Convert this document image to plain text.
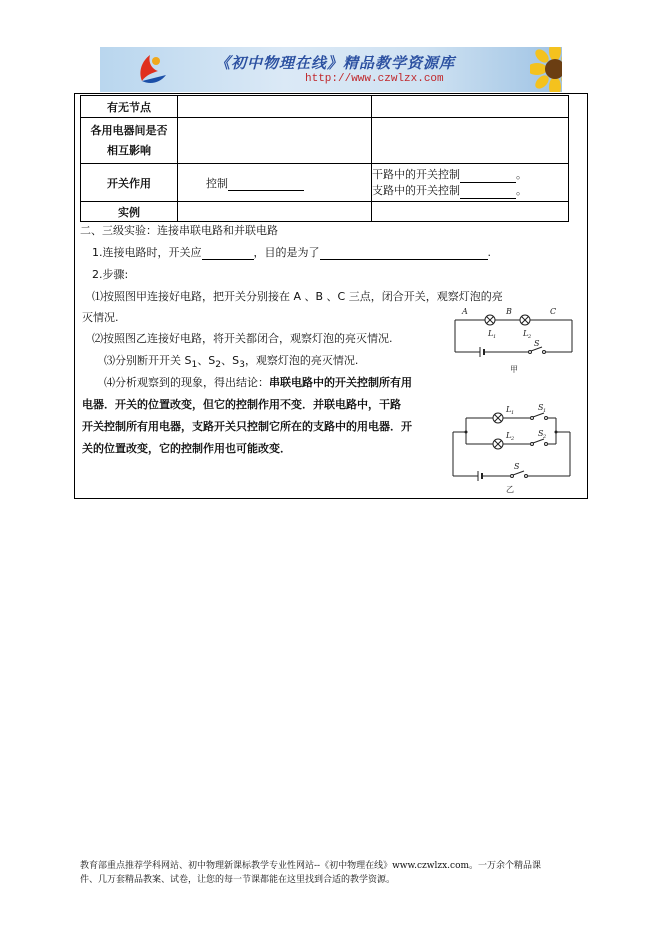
《初中物理在线》精品教学资源库
http://www.czwlzx.com
有无节点		

各用电器间是否
相互影响		

开关作用	控制	干路中的开关控制 。
支路中的开关控制 。

实例		
二、三级实验：连接串联电路和并联电路
1.连接电路时，开关应	，目的是为了	.
2.步骤:
⑴按照图甲连接好电路，把开关分别接在 A 、B 、C 三点，闭合开关，观察灯泡的亮
灭情况.
⑵按照图乙连接好电路，将开关都闭合，观察灯泡的亮灭情况.
⑶分别断开开关 $S_1$、$S_2$、$S_3$，观察灯泡的亮灭情况.
⑷分析观察到的现象，得出结论：串联电路中的开关控制所有用
电器．开关的位置改变，但它的控制作用不变．并联电路中，干路
开关控制所有用电器，支路开关只控制它所在的支路中的用电器．开
关的位置改变，它的控制作用也可能改变．
A	B	C
L 1	L 2
S
甲
L 1
S 1
L 2
S 2
S
乙
教育部重点推荐学科网站、初中物理新课标教学专业性网站--《初中物理在线》www.czwlzx.com。一万余个精品课
件、几万套精品教案、试卷，让您的每一节课都能在这里找到合适的教学资源。
